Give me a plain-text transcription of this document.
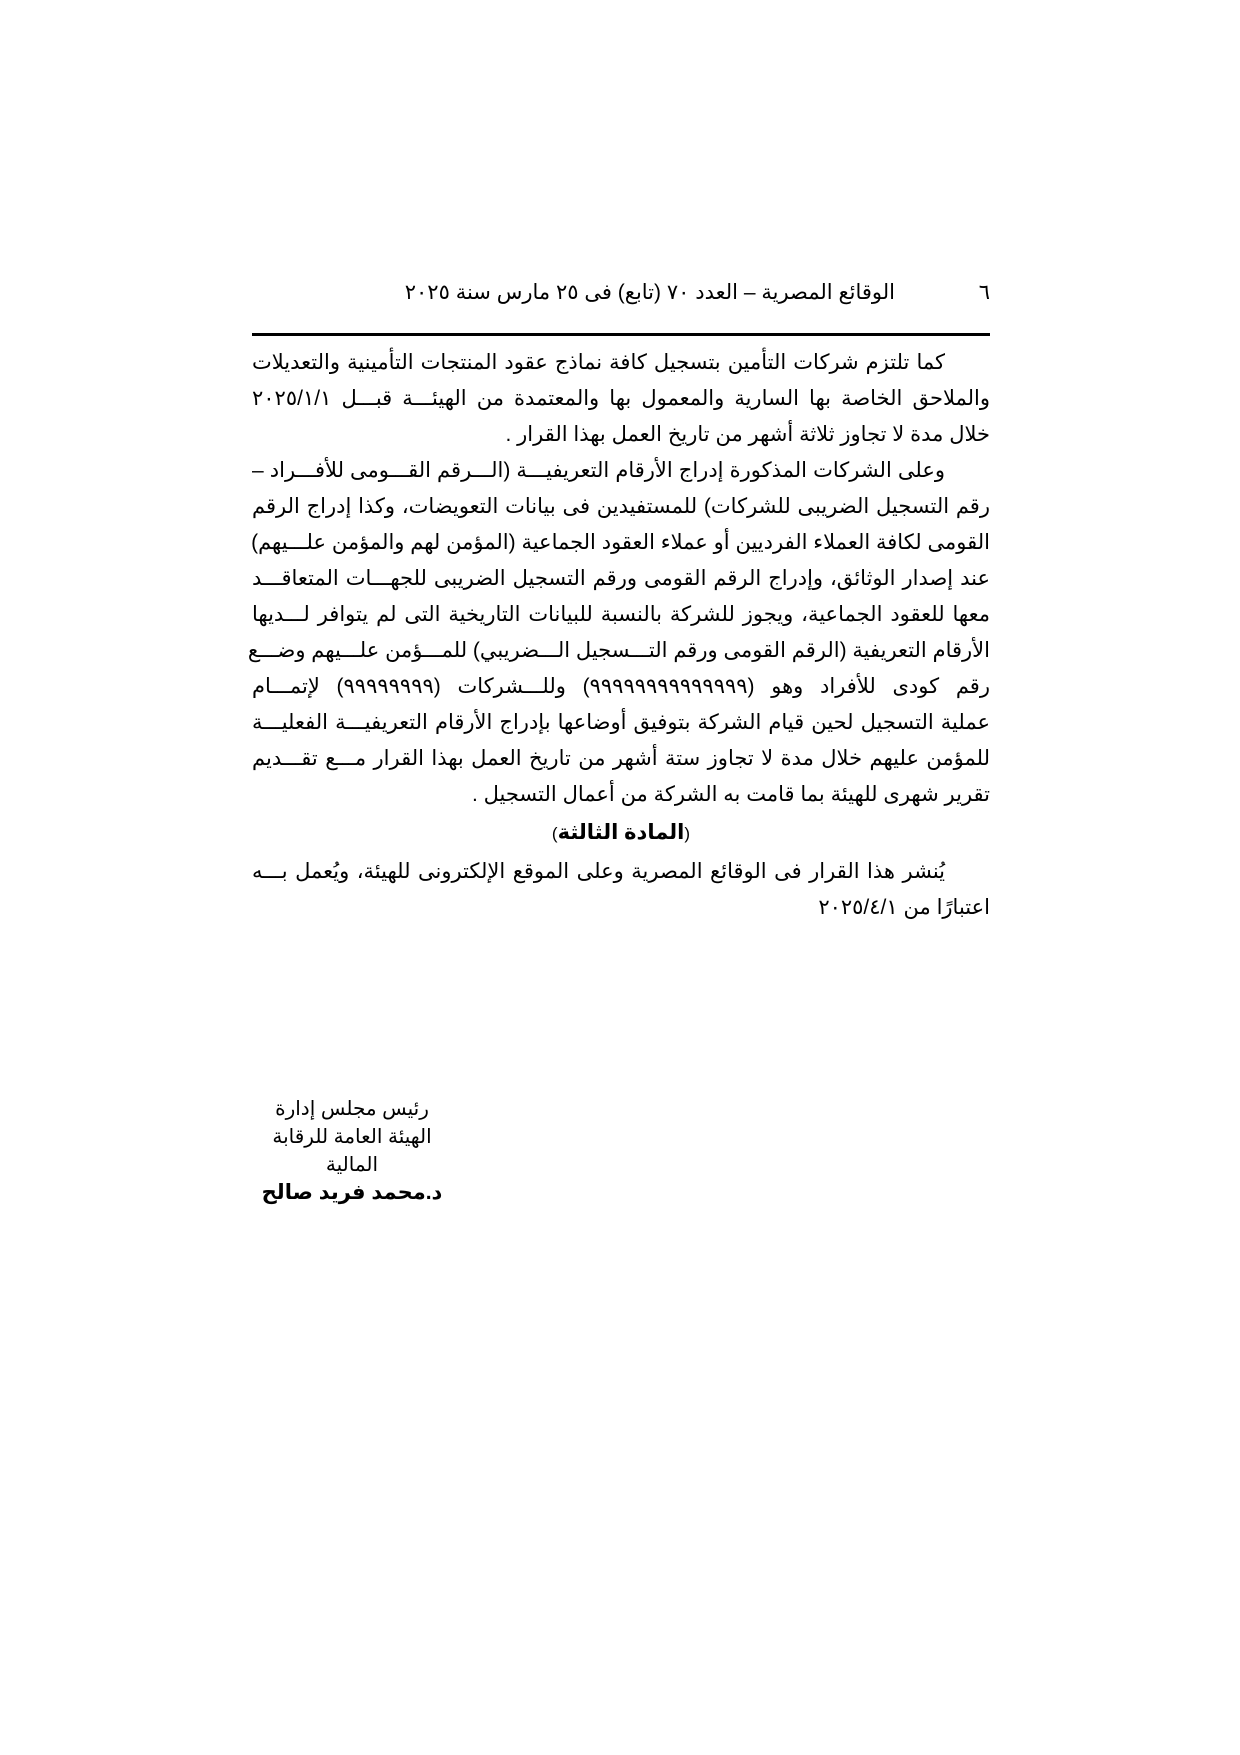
٦
الوقائع المصرية – العدد ٧٠ (تابع) فى ٢٥ مارس سنة ٢٠٢٥

كما تلتزم شركات التأمين بتسجيل كافة نماذج عقود المنتجات التأمينية والتعديلات
والملاحق الخاصة بها السارية والمعمول بها والمعتمدة من الهيئـــة قبـــل ٢٠٢٥/١/١
خلال مدة لا تجاوز ثلاثة أشهر من تاريخ العمل بهذا القرار .

وعلى الشركات المذكورة إدراج الأرقام التعريفيـــة (الـــرقم القـــومى للأفـــراد –
رقم التسجيل الضريبى للشركات) للمستفيدين فى بيانات التعويضات، وكذا إدراج الرقم
القومى لكافة العملاء الفرديين أو عملاء العقود الجماعية (المؤمن لهم والمؤمن علـــيهم)
عند إصدار الوثائق، وإدراج الرقم القومى ورقم التسجيل الضريبى للجهـــات المتعاقـــد
معها للعقود الجماعية، ويجوز للشركة بالنسبة للبيانات التاريخية التى لم يتوافر لـــديها
الأرقام التعريفية (الرقم القومى ورقم التـــسجيل الـــضريبي) للمـــؤمن علـــيهم وضـــع
رقم كودى للأفراد وهو (٩٩٩٩٩٩٩٩٩٩٩٩٩٩) وللـــشركات (٩٩٩٩٩٩٩٩) لإتمـــام
عملية التسجيل لحين قيام الشركة بتوفيق أوضاعها بإدراج الأرقام التعريفيـــة الفعليـــة
للمؤمن عليهم خلال مدة لا تجاوز ستة أشهر من تاريخ العمل بهذا القرار مـــع تقـــديم
تقرير شهرى للهيئة بما قامت به الشركة من أعمال التسجيل .

(المادة الثالثة)

يُنشر هذا القرار فى الوقائع المصرية وعلى الموقع الإلكترونى للهيئة، ويُعمل بـــه
اعتبارًا من ٢٠٢٥/٤/١

رئيس مجلس إدارة
الهيئة العامة للرقابة المالية
د.محمد فريد صالح
